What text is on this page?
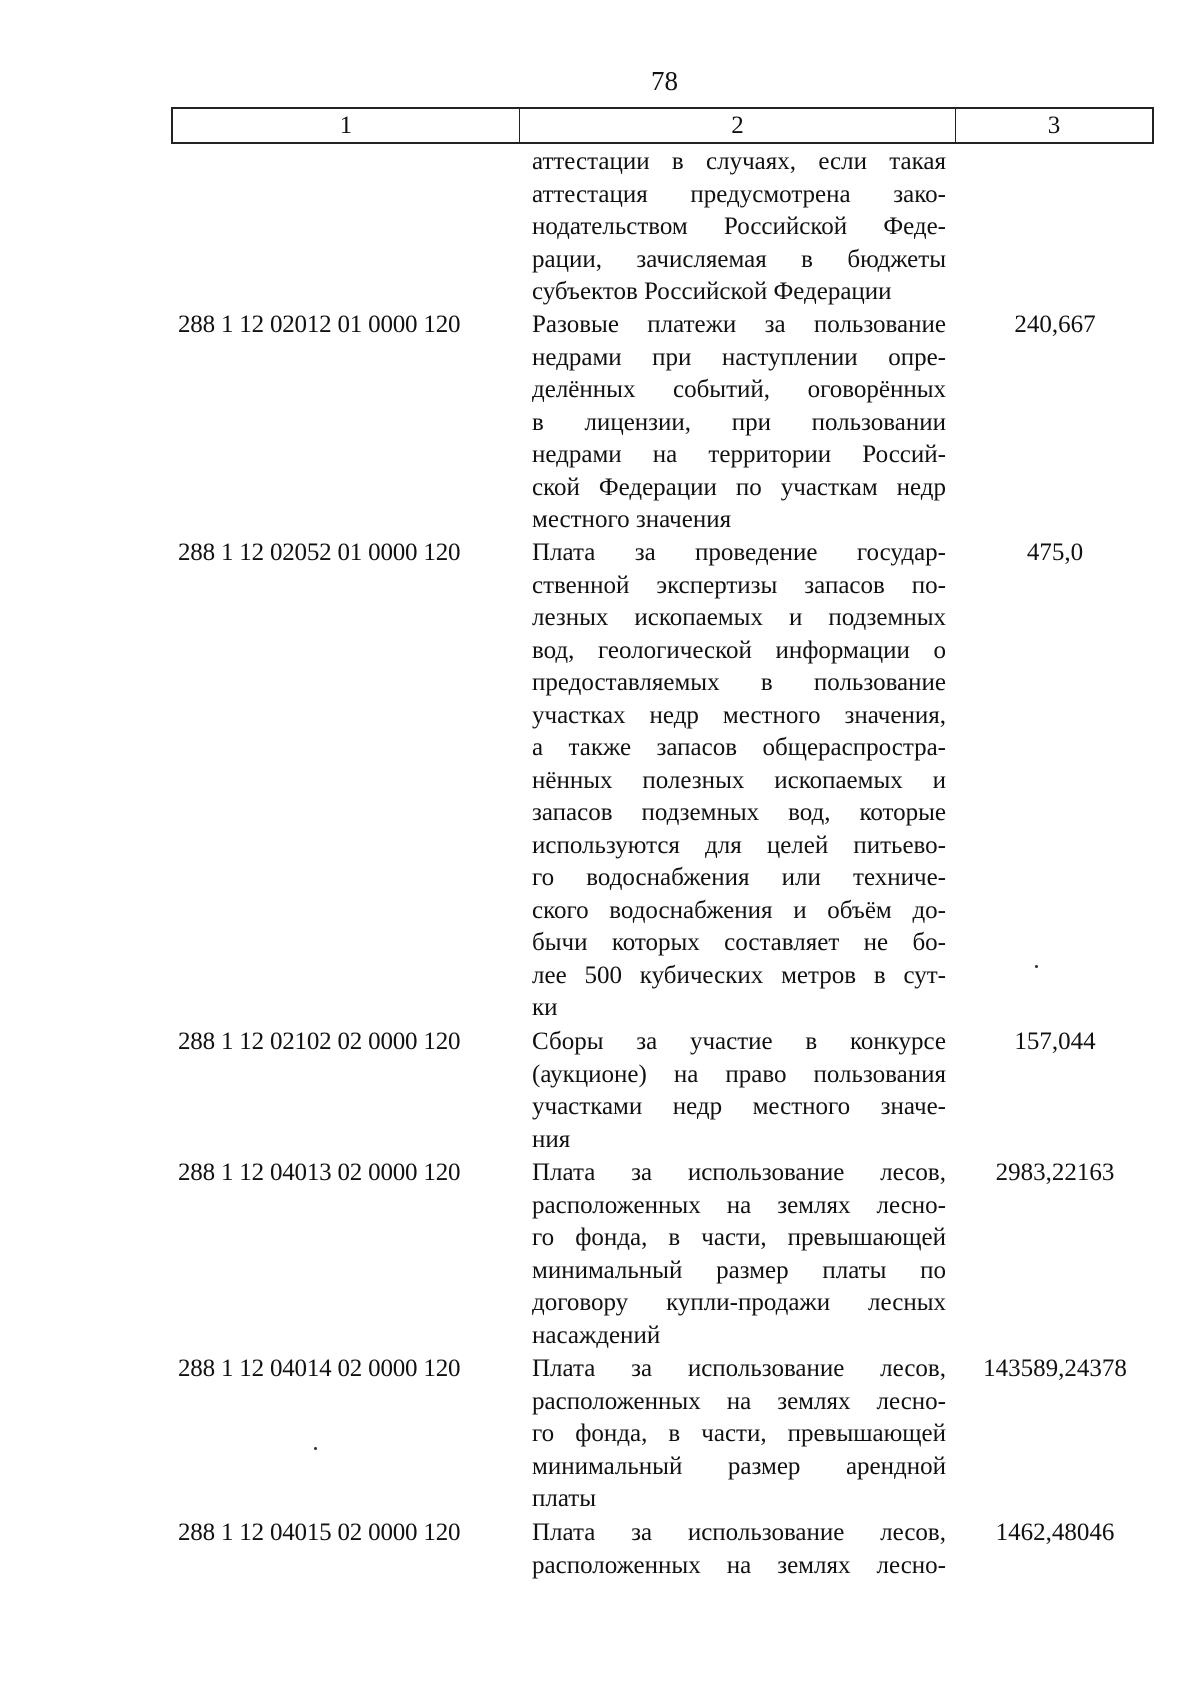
78
1	2	3
аттестации в случаях, если такая
аттестация предусмотрена зако-
нодательством Российской Феде-
рации, зачисляемая в бюджеты
субъектов Российской Федерации
288 1 12 02012 01 0000 120	Разовые платежи за пользование
недрами при наступлении опре-
делённых событий, оговорённых
в лицензии, при пользовании
недрами на территории Россий-
ской Федерации по участкам недр
местного значения
240,667
288 1 12 02052 01 0000 120	Плата за проведение государ-
ственной экспертизы запасов по-
лезных ископаемых и подземных
вод, геологической информации о
предоставляемых в пользование
участках недр местного значения,
а также запасов общераспростра-
нённых полезных ископаемых и
запасов подземных вод, которые
используются для целей питьево-
го водоснабжения или техниче-
ского водоснабжения и объём до-
бычи которых составляет не бо-
лее 500 кубических метров в сут-
ки
475,0
288 1 12 02102 02 0000 120	Сборы за участие в конкурсе
(аукционе) на право пользования
участками недр местного значе-
ния
157,044
288 1 12 04013 02 0000 120	Плата за использование лесов,
расположенных на землях лесно-
го фонда, в части, превышающей
минимальный размер платы по
договору купли-продажи лесных
насаждений
2983,22163
288 1 12 04014 02 0000 120	Плата за использование лесов,
расположенных на землях лесно-
го фонда, в части, превышающей
минимальный размер арендной
платы
143589,24378
288 1 12 04015 02 0000 120	Плата за использование лесов,
расположенных на землях лесно-
1462,48046
